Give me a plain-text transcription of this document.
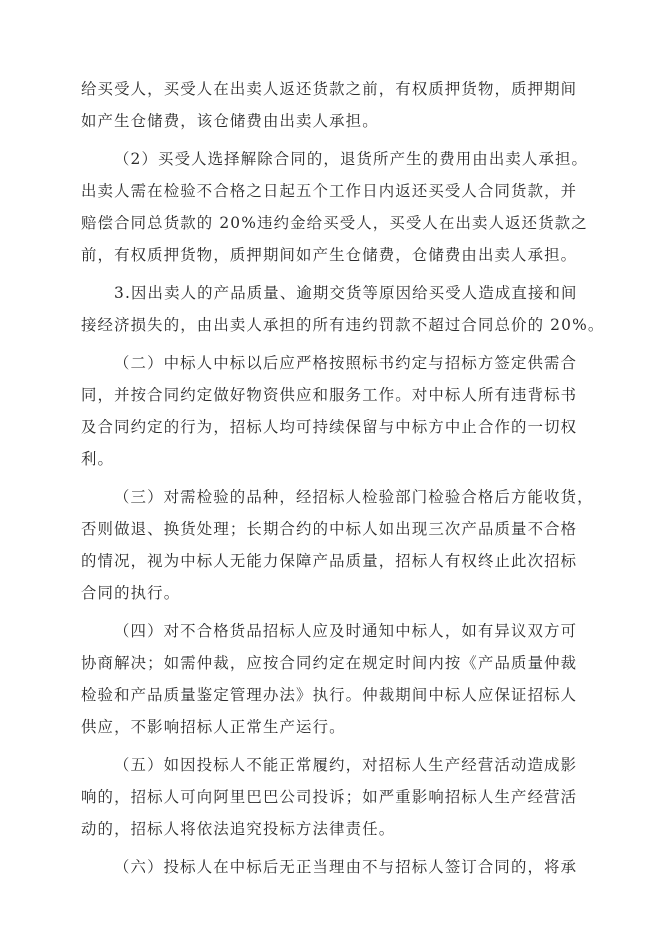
给买受人，买受人在出卖人返还货款之前，有权质押货物，质押期间
如产生仓储费，该仓储费由出卖人承担。
（2）买受人选择解除合同的，退货所产生的费用由出卖人承担。
出卖人需在检验不合格之日起五个工作日内返还买受人合同货款，并
赔偿合同总货款的 20%违约金给买受人，买受人在出卖人返还货款之
前，有权质押货物，质押期间如产生仓储费，仓储费由出卖人承担。
3.因出卖人的产品质量、逾期交货等原因给买受人造成直接和间
接经济损失的，由出卖人承担的所有违约罚款不超过合同总价的 20%。
（二）中标人中标以后应严格按照标书约定与招标方签定供需合
同，并按合同约定做好物资供应和服务工作。对中标人所有违背标书
及合同约定的行为，招标人均可持续保留与中标方中止合作的一切权
利。
（三）对需检验的品种，经招标人检验部门检验合格后方能收货，
否则做退、换货处理；长期合约的中标人如出现三次产品质量不合格
的情况，视为中标人无能力保障产品质量，招标人有权终止此次招标
合同的执行。
（四）对不合格货品招标人应及时通知中标人，如有异议双方可
协商解决；如需仲裁，应按合同约定在规定时间内按《产品质量仲裁
检验和产品质量鉴定管理办法》执行。仲裁期间中标人应保证招标人
供应，不影响招标人正常生产运行。
（五）如因投标人不能正常履约，对招标人生产经营活动造成影
响的，招标人可向阿里巴巴公司投诉；如严重影响招标人生产经营活
动的，招标人将依法追究投标方法律责任。
（六）投标人在中标后无正当理由不与招标人签订合同的，将承
